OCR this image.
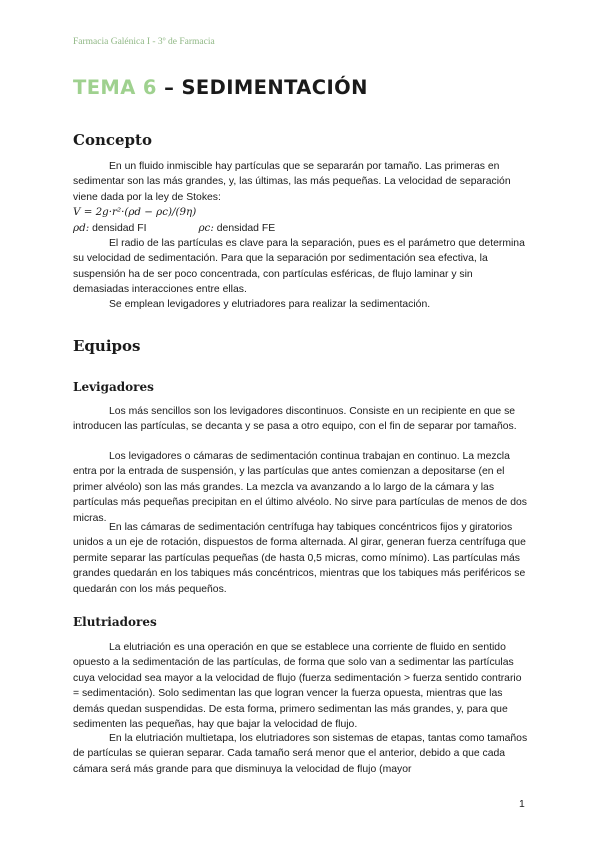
Farmacia Galénica I - 3º de Farmacia
TEMA 6 – SEDIMENTACIÓN
Concepto

En un fluido inmiscible hay partículas que se separarán por tamaño. Las primeras en sedimentar son las más grandes, y, las últimas, las más pequeñas. La velocidad de separación viene dada por la ley de Stokes:

V = 2g·r²·(ρd − ρc)/(9η)
ρd: densidad FI	ρc: densidad FE

El radio de las partículas es clave para la separación, pues es el parámetro que determina su velocidad de sedimentación. Para que la separación por sedimentación sea efectiva, la suspensión ha de ser poco concentrada, con partículas esféricas, de flujo laminar y sin demasiadas interacciones entre ellas.

Se emplean levigadores y elutriadores para realizar la sedimentación.

Equipos
Levigadores

Los más sencillos son los levigadores discontinuos. Consiste en un recipiente en que se introducen las partículas, se decanta y se pasa a otro equipo, con el fin de separar por tamaños.

Los levigadores o cámaras de sedimentación continua trabajan en continuo. La mezcla entra por la entrada de suspensión, y las partículas que antes comienzan a depositarse (en el primer alvéolo) son las más grandes. La mezcla va avanzando a lo largo de la cámara y las partículas más pequeñas precipitan en el último alvéolo. No sirve para partículas de menos de dos micras.

En las cámaras de sedimentación centrífuga hay tabiques concéntricos fijos y giratorios unidos a un eje de rotación, dispuestos de forma alternada. Al girar, generan fuerza centrífuga que permite separar las partículas pequeñas (de hasta 0,5 micras, como mínimo). Las partículas más grandes quedarán en los tabiques más concéntricos, mientras que los tabiques más periféricos se quedarán con los más pequeños.

Elutriadores

La elutriación es una operación en que se establece una corriente de fluido en sentido opuesto a la sedimentación de las partículas, de forma que solo van a sedimentar las partículas cuya velocidad sea mayor a la velocidad de flujo (fuerza sedimentación > fuerza sentido contrario = sedimentación). Solo sedimentan las que logran vencer la fuerza opuesta, mientras que las demás quedan suspendidas. De esta forma, primero sedimentan las más grandes, y, para que sedimenten las pequeñas, hay que bajar la velocidad de flujo.

En la elutriación multietapa, los elutriadores son sistemas de etapas, tantas como tamaños de partículas se quieran separar. Cada tamaño será menor que el anterior, debido a que cada cámara será más grande para que disminuya la velocidad de flujo (mayor

1
